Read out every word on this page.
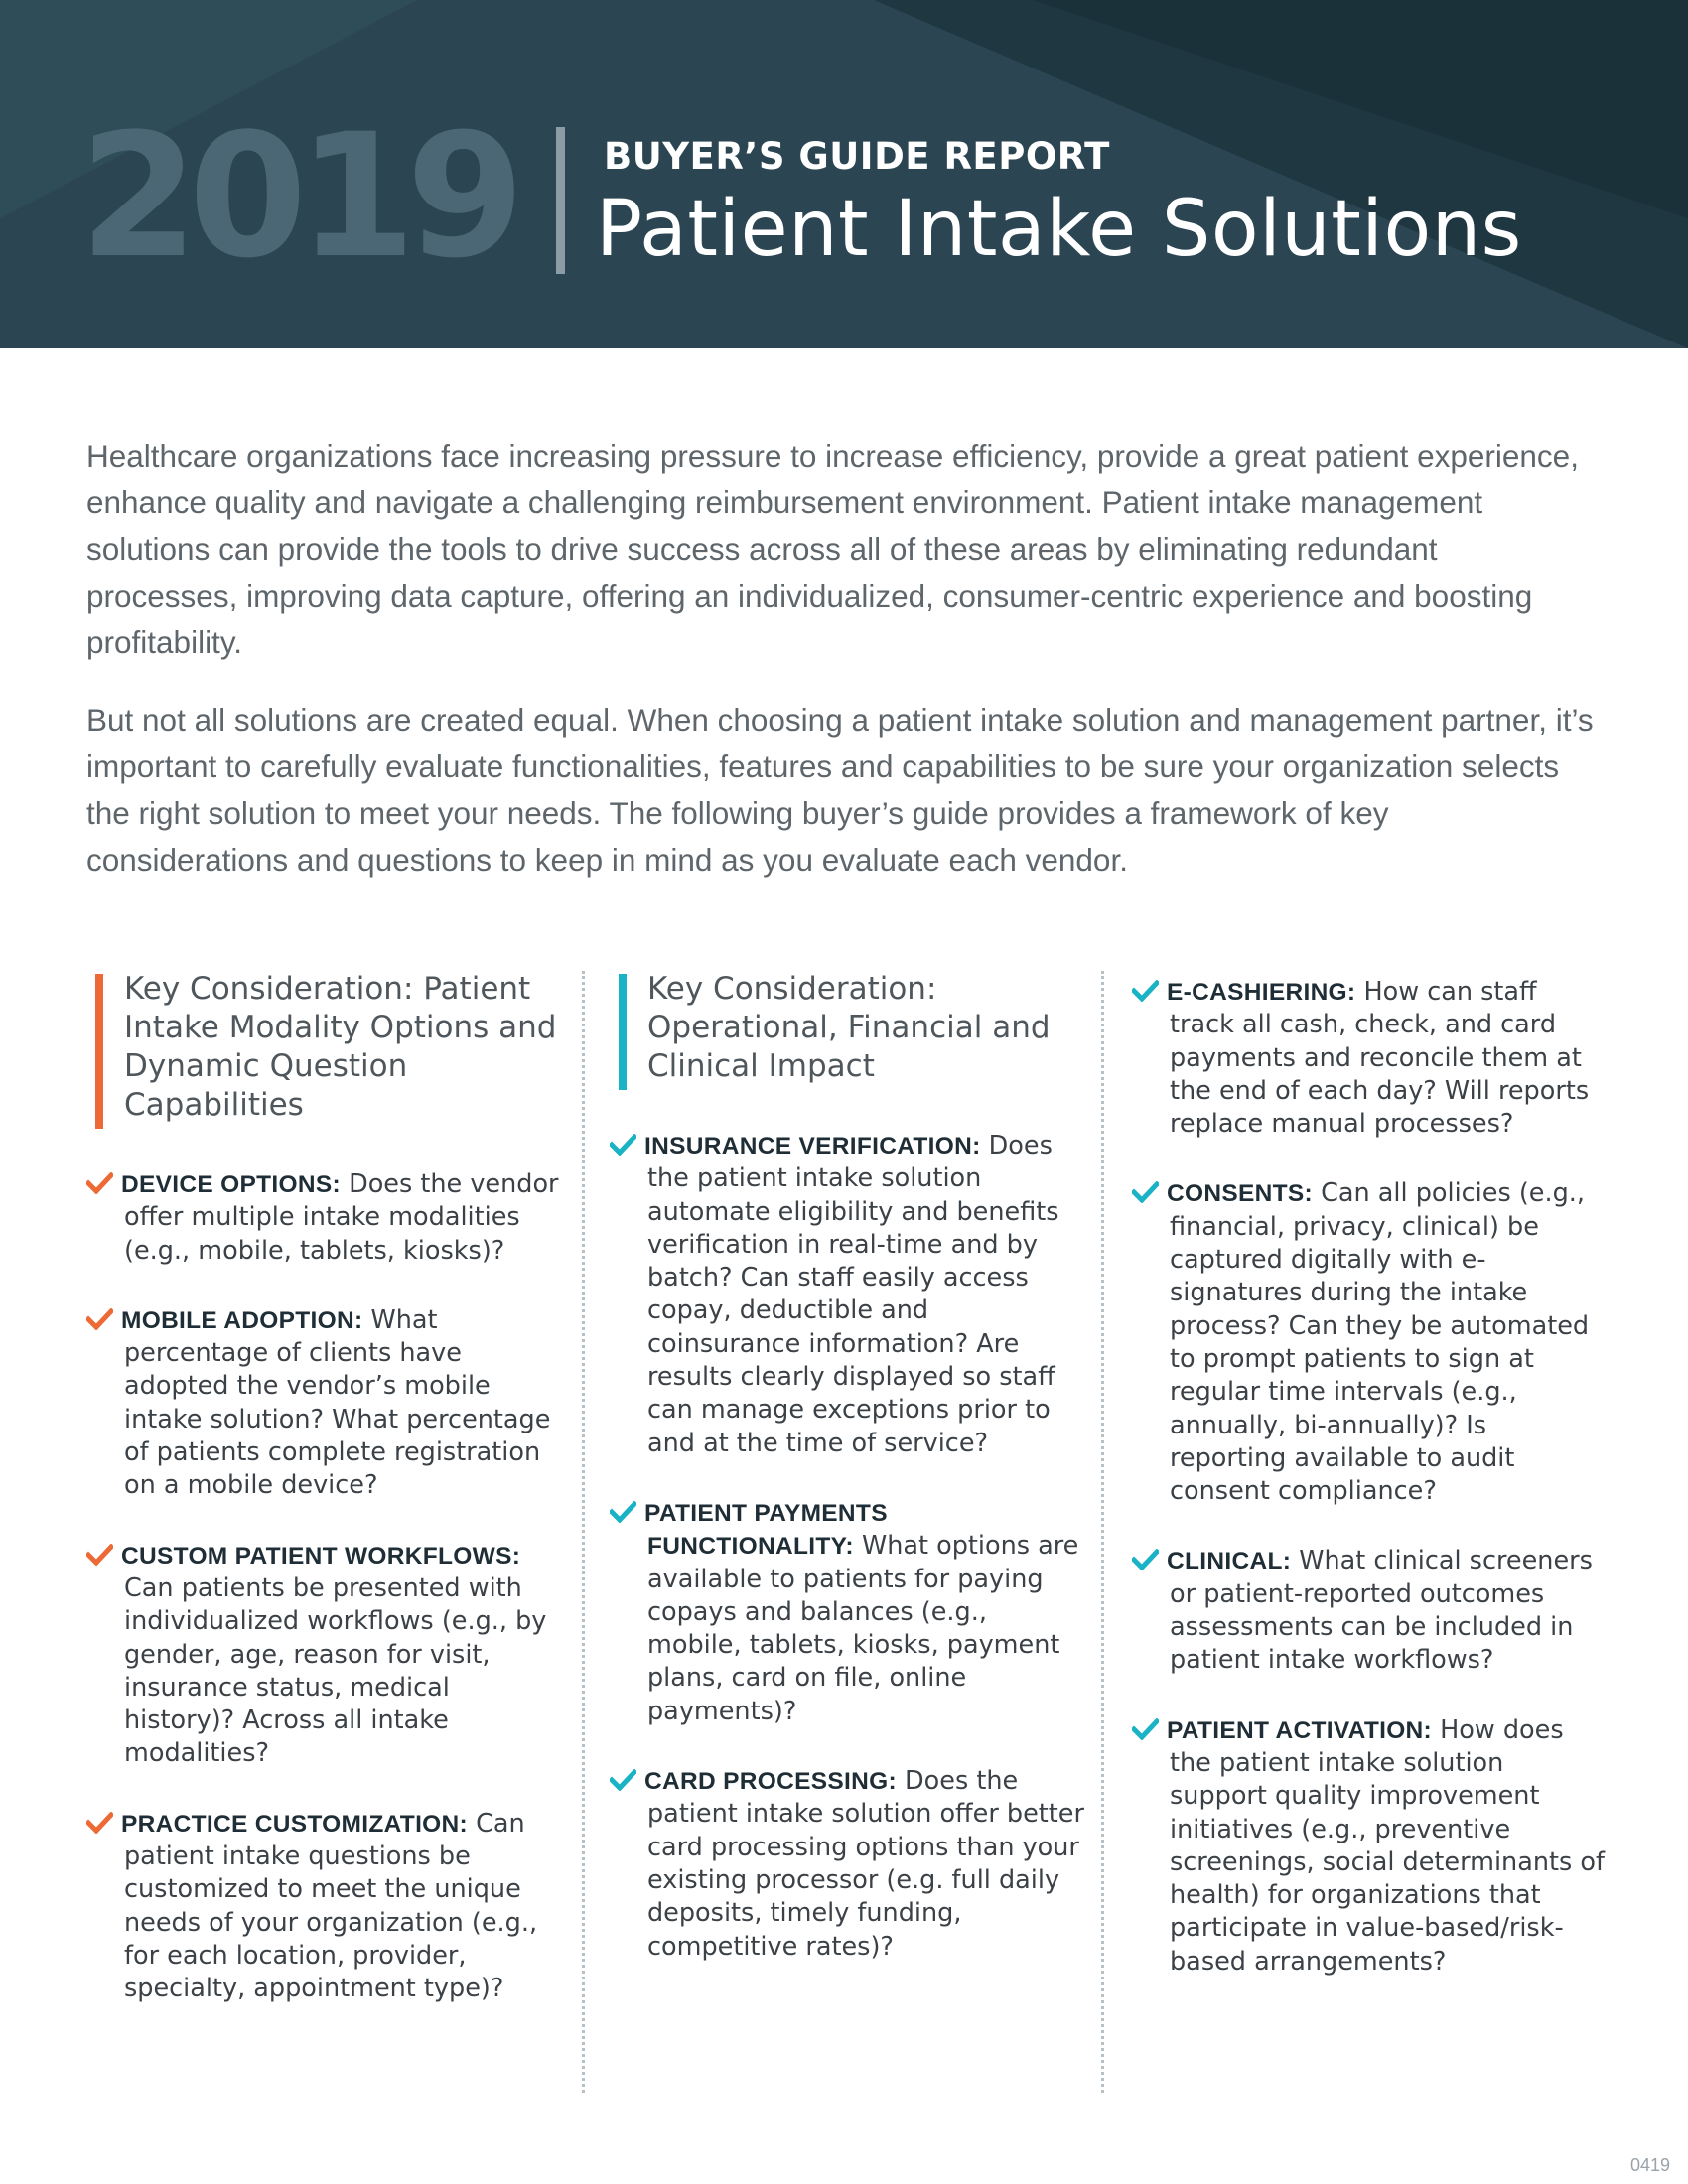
2019 BUYER’S GUIDE REPORT
Patient Intake Solutions

Healthcare organizations face increasing pressure to increase efficiency, provide a great patient experience, enhance quality and navigate a challenging reimbursement environment. Patient intake management solutions can provide the tools to drive success across all of these areas by eliminating redundant processes, improving data capture, offering an individualized, consumer-centric experience and boosting profitability.

But not all solutions are created equal. When choosing a patient intake solution and management partner, it’s important to carefully evaluate functionalities, features and capabilities to be sure your organization selects the right solution to meet your needs. The following buyer’s guide provides a framework of key considerations and questions to keep in mind as you evaluate each vendor.

Key Consideration: Patient Intake Modality Options and Dynamic Question Capabilities
DEVICE OPTIONS: Does the vendor offer multiple intake modalities (e.g., mobile, tablets, kiosks)?
MOBILE ADOPTION: What percentage of clients have adopted the vendor’s mobile intake solution? What percentage of patients complete registration on a mobile device?
CUSTOM PATIENT WORKFLOWS: Can patients be presented with individualized workflows (e.g., by gender, age, reason for visit, insurance status, medical history)? Across all intake modalities?
PRACTICE CUSTOMIZATION: Can patient intake questions be customized to meet the unique needs of your organization (e.g., for each location, provider, specialty, appointment type)?
Key Consideration: Operational, Financial and Clinical Impact
INSURANCE VERIFICATION: Does the patient intake solution automate eligibility and benefits verification in real-time and by batch? Can staff easily access copay, deductible and coinsurance information? Are results clearly displayed so staff can manage exceptions prior to and at the time of service?
PATIENT PAYMENTS FUNCTIONALITY: What options are available to patients for paying copays and balances (e.g., mobile, tablets, kiosks, payment plans, card on file, online payments)?
CARD PROCESSING: Does the patient intake solution offer better card processing options than your existing processor (e.g. full daily deposits, timely funding, competitive rates)?
E-CASHIERING: How can staff track all cash, check, and card payments and reconcile them at the end of each day? Will reports replace manual processes?
CONSENTS: Can all policies (e.g., financial, privacy, clinical) be captured digitally with e-signatures during the intake process? Can they be automated to prompt patients to sign at regular time intervals (e.g., annually, bi-annually)? Is reporting available to audit consent compliance?
CLINICAL: What clinical screeners or patient-reported outcomes assessments can be included in patient intake workflows?
PATIENT ACTIVATION: How does the patient intake solution support quality improvement initiatives (e.g., preventive screenings, social determinants of health) for organizations that participate in value-based/risk-based arrangements?
0419
